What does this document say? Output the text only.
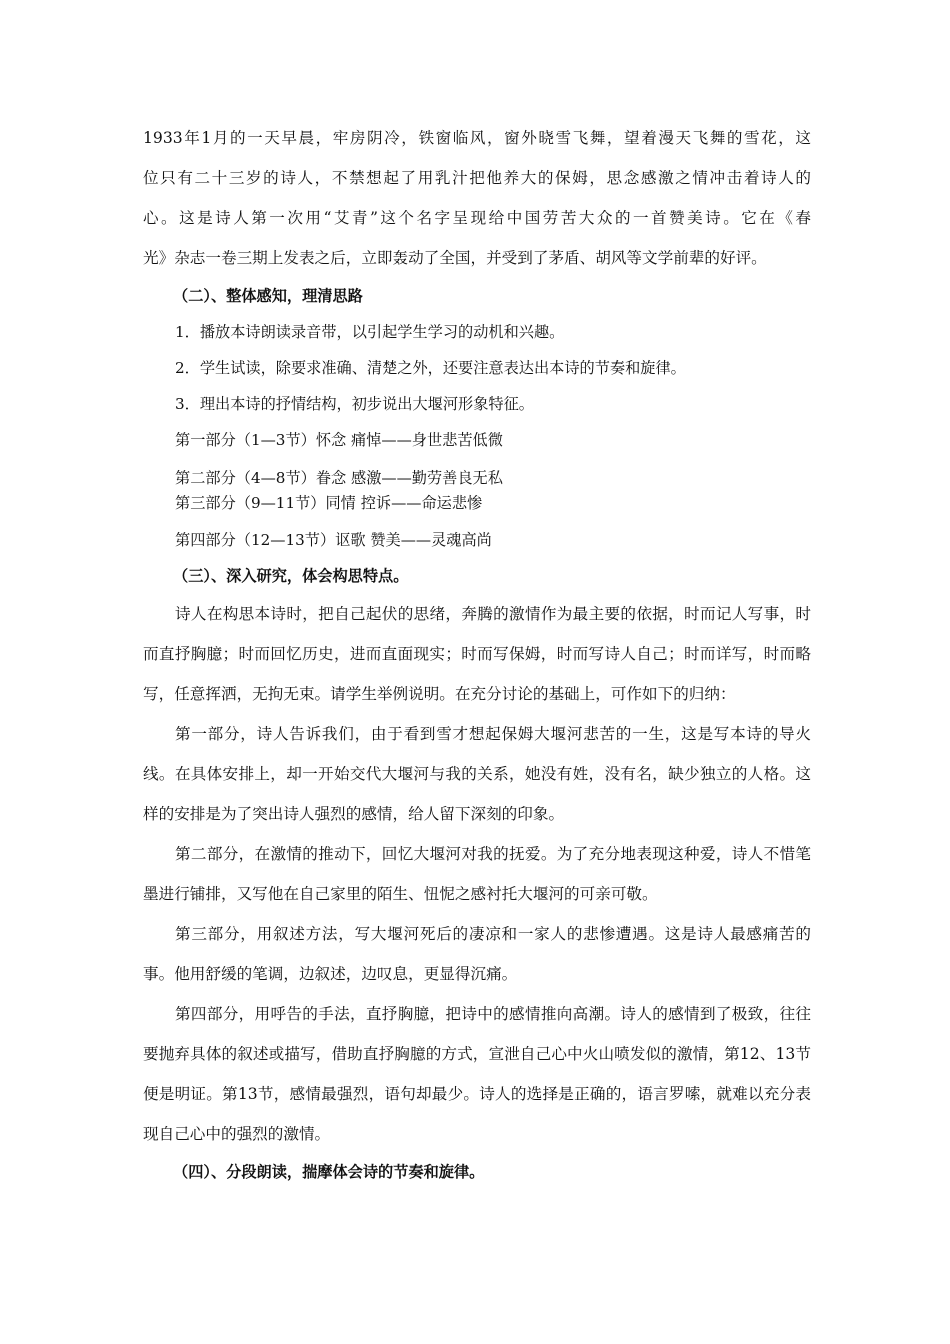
1933年1月的一天早晨，牢房阴冷，铁窗临风，窗外晓雪飞舞，望着漫天飞舞的雪花，这

位只有二十三岁的诗人，不禁想起了用乳汁把他养大的保姆，思念感激之情冲击着诗人的

心。这是诗人第一次用“艾青”这个名字呈现给中国劳苦大众的一首赞美诗。它在《春

光》杂志一卷三期上发表之后，立即轰动了全国，并受到了茅盾、胡风等文学前辈的好评。

（二）、整体感知，理清思路

1．播放本诗朗读录音带，以引起学生学习的动机和兴趣。

2．学生试读，除要求准确、清楚之外，还要注意表达出本诗的节奏和旋律。

3．理出本诗的抒情结构，初步说出大堰河形象特征。

第一部分（1—3节）怀念 痛悼——身世悲苦低微

第二部分（4—8节）眷念 感激——勤劳善良无私

第三部分（9—11节）同情 控诉——命运悲惨

第四部分（12—13节）讴歌 赞美——灵魂高尚

（三）、深入研究，体会构思特点。

诗人在构思本诗时，把自己起伏的思绪，奔腾的激情作为最主要的依据，时而记人写事，时而直抒胸臆；时而回忆历史，进而直面现实；时而写保姆，时而写诗人自己；时而详写，时而略写，任意挥洒，无拘无束。请学生举例说明。在充分讨论的基础上，可作如下的归纳：

第一部分，诗人告诉我们，由于看到雪才想起保姆大堰河悲苦的一生，这是写本诗的导火线。在具体安排上，却一开始交代大堰河与我的关系，她没有姓，没有名，缺少独立的人格。这样的安排是为了突出诗人强烈的感情，给人留下深刻的印象。

第二部分，在激情的推动下，回忆大堰河对我的抚爱。为了充分地表现这种爱，诗人不惜笔墨进行铺排，又写他在自己家里的陌生、忸怩之感衬托大堰河的可亲可敬。

第三部分，用叙述方法，写大堰河死后的凄凉和一家人的悲惨遭遇。这是诗人最感痛苦的事。他用舒缓的笔调，边叙述，边叹息，更显得沉痛。

第四部分，用呼告的手法，直抒胸臆，把诗中的感情推向高潮。诗人的感情到了极致，往往要抛弃具体的叙述或描写，借助直抒胸臆的方式，宣泄自己心中火山喷发似的激情，第12、13节便是明证。第13节，感情最强烈，语句却最少。诗人的选择是正确的，语言罗嗦，就难以充分表现自己心中的强烈的激情。

（四）、分段朗读，揣摩体会诗的节奏和旋律。
